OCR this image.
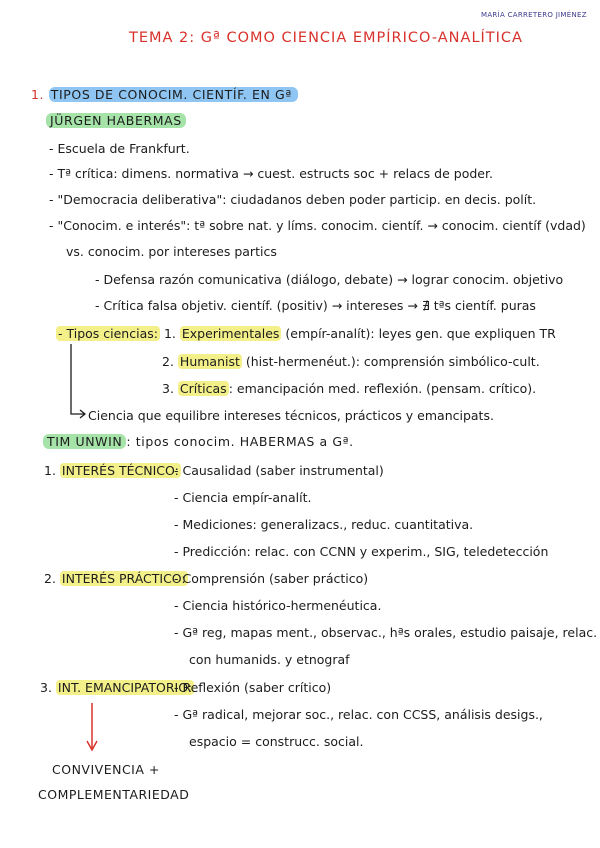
MARÍA CARRETERO JIMÉNEZ
TEMA 2: Gª COMO CIENCIA EMPÍRICO-ANALÍTICA
1. TIPOS DE CONOCIM. CIENTÍF. EN Gª
JÜRGEN HABERMAS
- Escuela de Frankfurt.
- Tª crítica: dimens. normativa → cuest. estructs soc + relacs de poder.
- "Democracia deliberativa": ciudadanos deben poder particip. en decis. polít.
- "Conocim. e interés": tª sobre nat. y líms. conocim. científ. → conocim. científ (vdad)
vs. conocim. por intereses partics
- Defensa razón comunicativa (diálogo, debate) → lograr conocim. objetivo
- Crítica falsa objetiv. científ. (positiv) → intereses → ∄ tªs científ. puras
- Tipos ciencias: 1. Experimentales (empír-analít): leyes gen. que expliquen TR
2. Humanist (hist-hermenéut.): comprensión simbólico-cult.
3. Críticas : emancipación med. reflexión. (pensam. crítico).
Ciencia que equilibre intereses técnicos, prácticos y emancipats.
TIM UNWIN : tipos conocim. HABERMAS a Gª.
1. INTERÉS TÉCNICO:
- Causalidad (saber instrumental)
- Ciencia empír-analít.
- Mediciones: generalizacs., reduc. cuantitativa.
- Predicción: relac. con CCNN y experim., SIG, teledetección
2. INTERÉS PRÁCTICO:
- Comprensión (saber práctico)
- Ciencia histórico-hermenéutica.
- Gª reg, mapas ment., observac., hªs orales, estudio paisaje, relac.
con humanids. y etnograf
3. INT. EMANCIPATORIO:
- Reflexión (saber crítico)
- Gª radical, mejorar soc., relac. con CCSS, análisis desigs.,
espacio = construcc. social.
CONVIVENCIA +
COMPLEMENTARIEDAD
